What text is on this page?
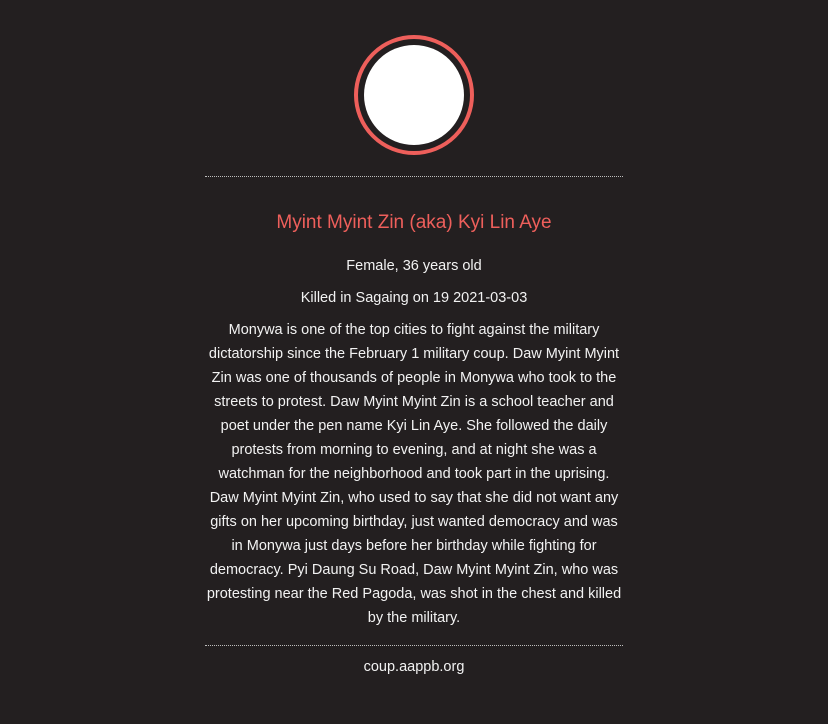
Myint Myint Zin (aka) Kyi Lin Aye
Female, 36 years old
Killed in Sagaing on 19 2021-03-03
Monywa is one of the top cities to fight against the military
dictatorship since the February 1 military coup. Daw Myint Myint
Zin was one of thousands of people in Monywa who took to the
streets to protest. Daw Myint Myint Zin is a school teacher and
poet under the pen name Kyi Lin Aye. She followed the daily
protests from morning to evening, and at night she was a
watchman for the neighborhood and took part in the uprising.
Daw Myint Myint Zin, who used to say that she did not want any
gifts on her upcoming birthday, just wanted democracy and was
in Monywa just days before her birthday while fighting for
democracy. Pyi Daung Su Road, Daw Myint Myint Zin, who was
protesting near the Red Pagoda, was shot in the chest and killed
by the military.
coup.aappb.org
